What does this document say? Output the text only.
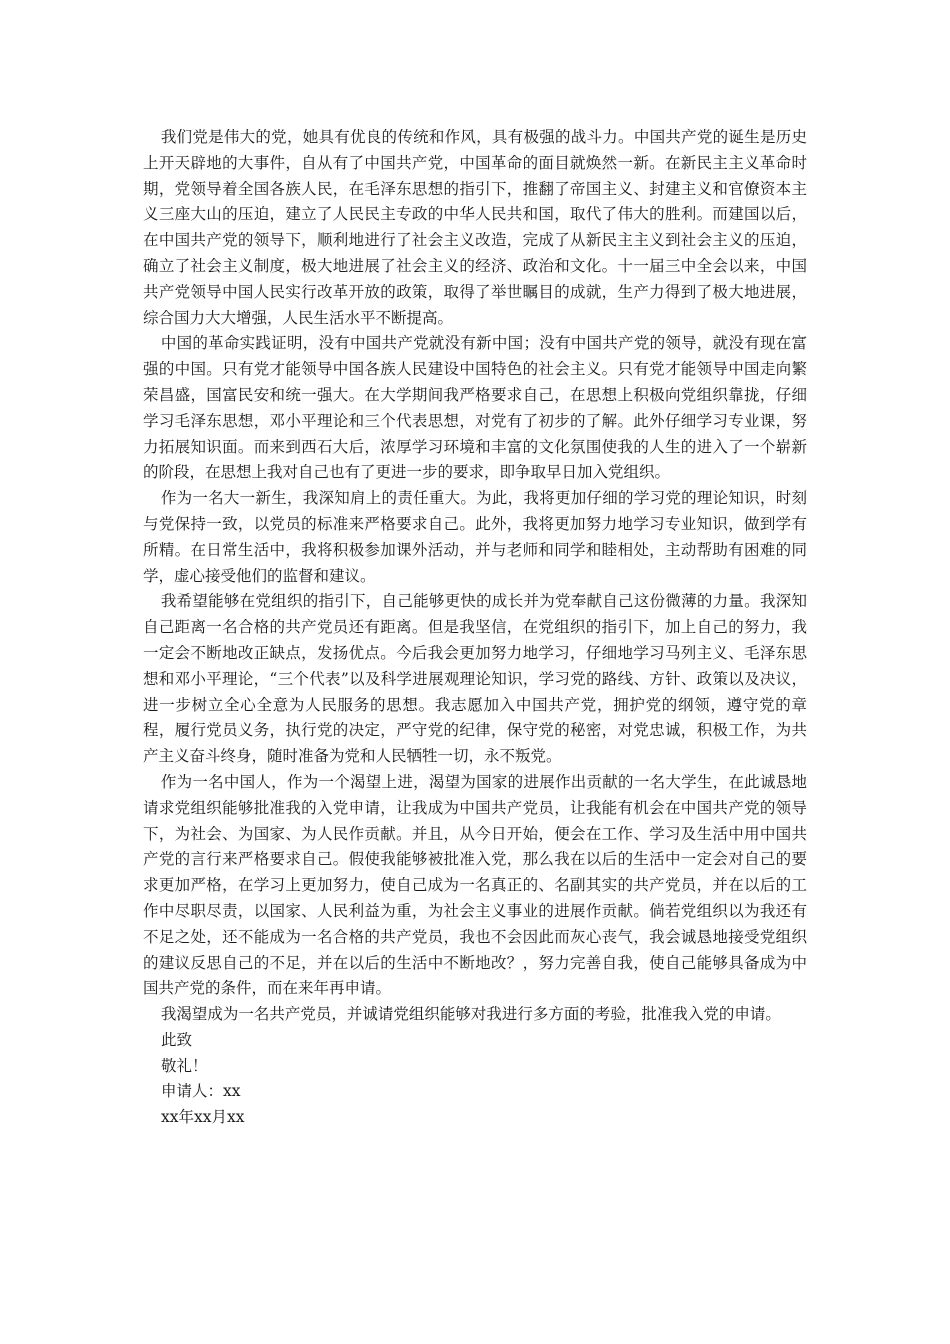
我们党是伟大的党，她具有优良的传统和作风，具有极强的战斗力。中国共产党的诞生是历史上开天辟地的大事件，自从有了中国共产党，中国革命的面目就焕然一新。在新民主主义革命时期，党领导着全国各族人民，在毛泽东思想的指引下，推翻了帝国主义、封建主义和官僚资本主义三座大山的压迫，建立了人民民主专政的中华人民共和国，取代了伟大的胜利。而建国以后，在中国共产党的领导下，顺利地进行了社会主义改造，完成了从新民主主义到社会主义的压迫，确立了社会主义制度，极大地进展了社会主义的经济、政治和文化。十一届三中全会以来，中国共产党领导中国人民实行改革开放的政策，取得了举世瞩目的成就，生产力得到了极大地进展，综合国力大大增强，人民生活水平不断提高。

中国的革命实践证明，没有中国共产党就没有新中国；没有中国共产党的领导，就没有现在富强的中国。只有党才能领导中国各族人民建设中国特色的社会主义。只有党才能领导中国走向繁荣昌盛，国富民安和统一强大。在大学期间我严格要求自己，在思想上积极向党组织靠拢，仔细学习毛泽东思想，邓小平理论和三个代表思想，对党有了初步的了解。此外仔细学习专业课，努力拓展知识面。而来到西石大后，浓厚学习环境和丰富的文化氛围使我的人生的进入了一个崭新的阶段，在思想上我对自己也有了更进一步的要求，即争取早日加入党组织。

作为一名大一新生，我深知肩上的责任重大。为此，我将更加仔细的学习党的理论知识，时刻与党保持一致，以党员的标准来严格要求自己。此外，我将更加努力地学习专业知识，做到学有所精。在日常生活中，我将积极参加课外活动，并与老师和同学和睦相处，主动帮助有困难的同学，虚心接受他们的监督和建议。

我希望能够在党组织的指引下，自己能够更快的成长并为党奉献自己这份微薄的力量。我深知自己距离一名合格的共产党员还有距离。但是我坚信，在党组织的指引下，加上自己的努力，我一定会不断地改正缺点，发扬优点。今后我会更加努力地学习，仔细地学习马列主义、毛泽东思想和邓小平理论，“三个代表”以及科学进展观理论知识，学习党的路线、方针、政策以及决议，进一步树立全心全意为人民服务的思想。我志愿加入中国共产党，拥护党的纲领，遵守党的章程，履行党员义务，执行党的决定，严守党的纪律，保守党的秘密，对党忠诚，积极工作，为共产主义奋斗终身，随时准备为党和人民牺牲一切，永不叛党。

作为一名中国人，作为一个渴望上进，渴望为国家的进展作出贡献的一名大学生，在此诚恳地请求党组织能够批准我的入党申请，让我成为中国共产党员，让我能有机会在中国共产党的领导下，为社会、为国家、为人民作贡献。并且，从今日开始，便会在工作、学习及生活中用中国共产党的言行来严格要求自己。假使我能够被批准入党，那么我在以后的生活中一定会对自己的要求更加严格，在学习上更加努力，使自己成为一名真正的、名副其实的共产党员，并在以后的工作中尽职尽责，以国家、人民利益为重，为社会主义事业的进展作贡献。倘若党组织以为我还有不足之处，还不能成为一名合格的共产党员，我也不会因此而灰心丧气，我会诚恳地接受党组织的建议反思自己的不足，并在以后的生活中不断地改？，努力完善自我，使自己能够具备成为中国共产党的条件，而在来年再申请。

我渴望成为一名共产党员，并诚请党组织能够对我进行多方面的考验，批准我入党的申请。

此致

敬礼！

申请人：xx

xx年xx月xx
